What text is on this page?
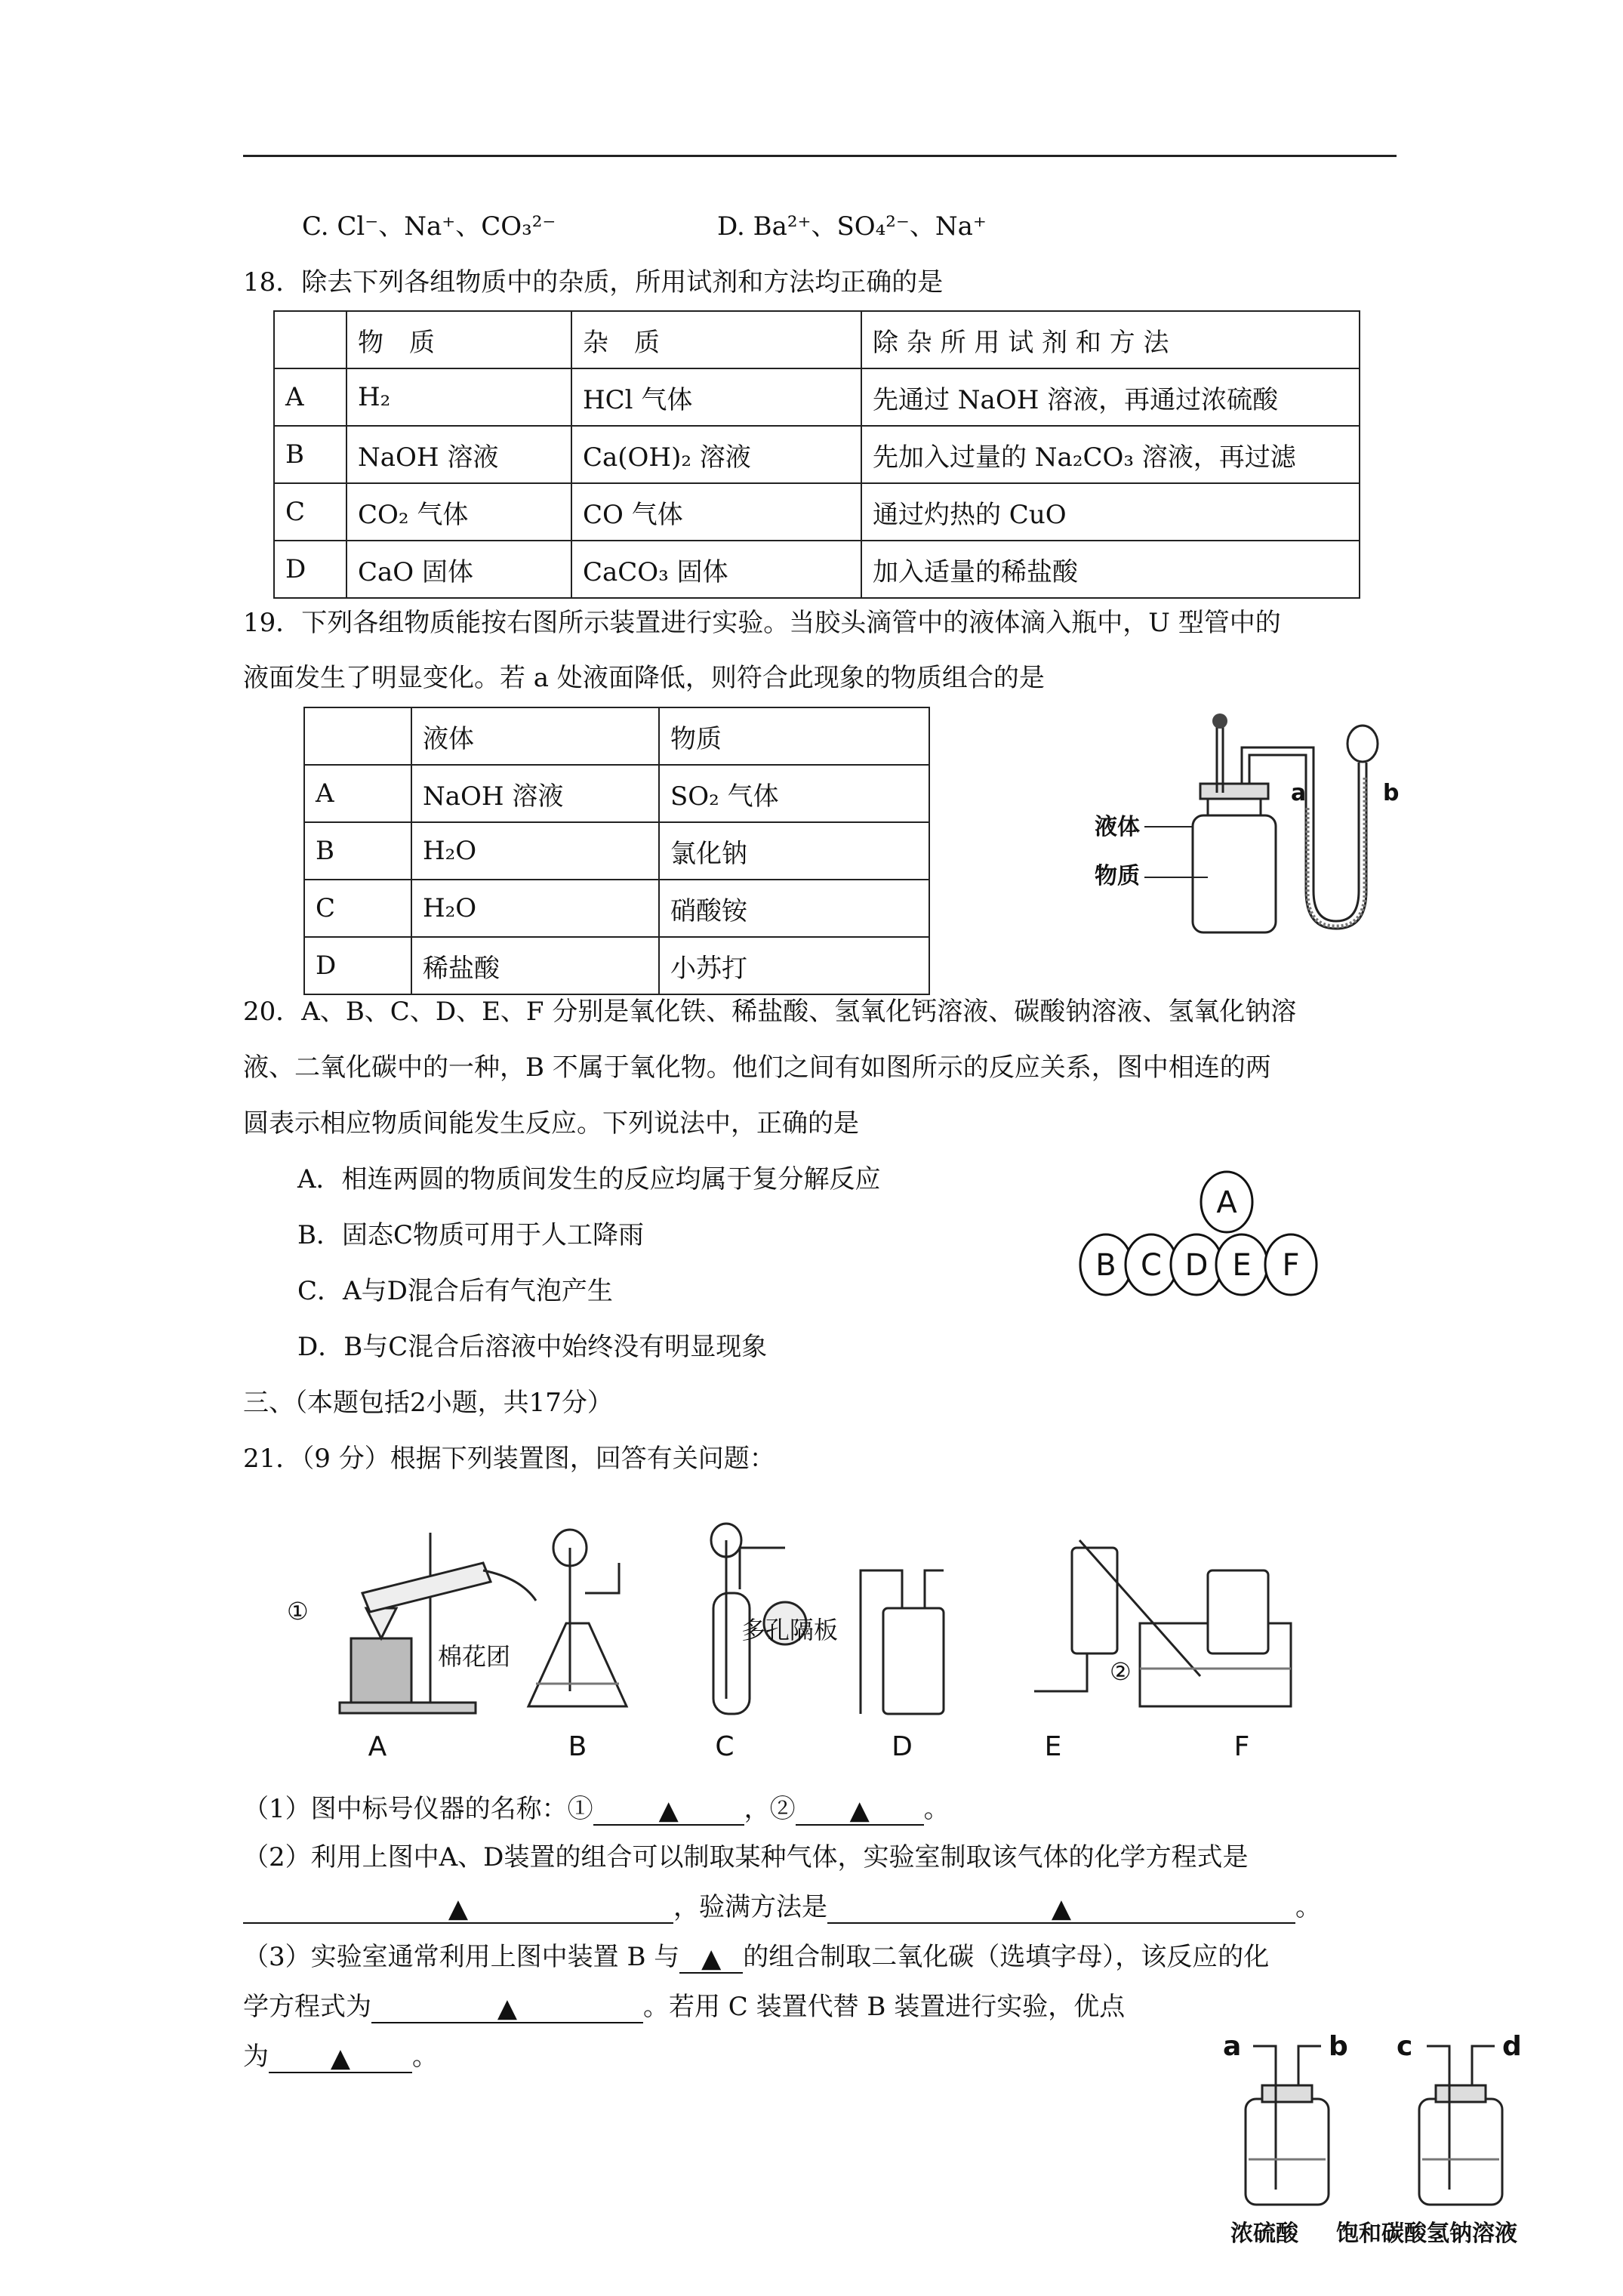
C. Cl⁻、Na⁺、CO₃²⁻	D. Ba²⁺、SO₄²⁻、Na⁺
18．除去下列各组物质中的杂质，所用试剂和方法均正确的是
	物　质	杂　质	除 杂 所 用 试 剂 和 方 法
A	H₂	HCl 气体	先通过 NaOH 溶液，再通过浓硫酸
B	NaOH 溶液	Ca(OH)₂ 溶液	先加入过量的 Na₂CO₃ 溶液，再过滤
C	CO₂ 气体	CO 气体	通过灼热的 CuO
D	CaO 固体	CaCO₃ 固体	加入适量的稀盐酸
19．下列各组物质能按右图所示装置进行实验。当胶头滴管中的液体滴入瓶中，U 型管中的
液面发生了明显变化。若 a 处液面降低，则符合此现象的物质组合的是
	液体	物质
A	NaOH 溶液	SO₂ 气体
B	H₂O	氯化钠
C	H₂O	硝酸铵
D	稀盐酸	小苏打
液体
物质
a	b
20．A、B、C、D、E、F 分别是氧化铁、稀盐酸、氢氧化钙溶液、碳酸钠溶液、氢氧化钠溶
液、二氧化碳中的一种，B 不属于氧化物。他们之间有如图所示的反应关系，图中相连的两
圆表示相应物质间能发生反应。下列说法中，正确的是
A．相连两圆的物质间发生的反应均属于复分解反应
B．固态C物质可用于人工降雨
C．A与D混合后有气泡产生
D．B与C混合后溶液中始终没有明显现象
A
B C D E F
三、（本题包括2小题，共17分）
21．（9 分）根据下列装置图，回答有关问题：
①
②
棉花团
多孔隔板
A	B	C	D	E	F
（1）图中标号仪器的名称：①	▲	，② ▲ 。
（2）利用上图中A、D装置的组合可以制取某种气体，实验室制取该气体的化学方程式是
▲	，验满方法是	▲	。
（3）实验室通常利用上图中装置 B 与 ▲ 的组合制取二氧化碳（选填字母），该反应的化
学方程式为	▲	。若用 C 装置代替 B 装置进行实验，优点
为 ▲ 。	a	b c	d
浓硫酸 饱和碳酸氢钠溶液
